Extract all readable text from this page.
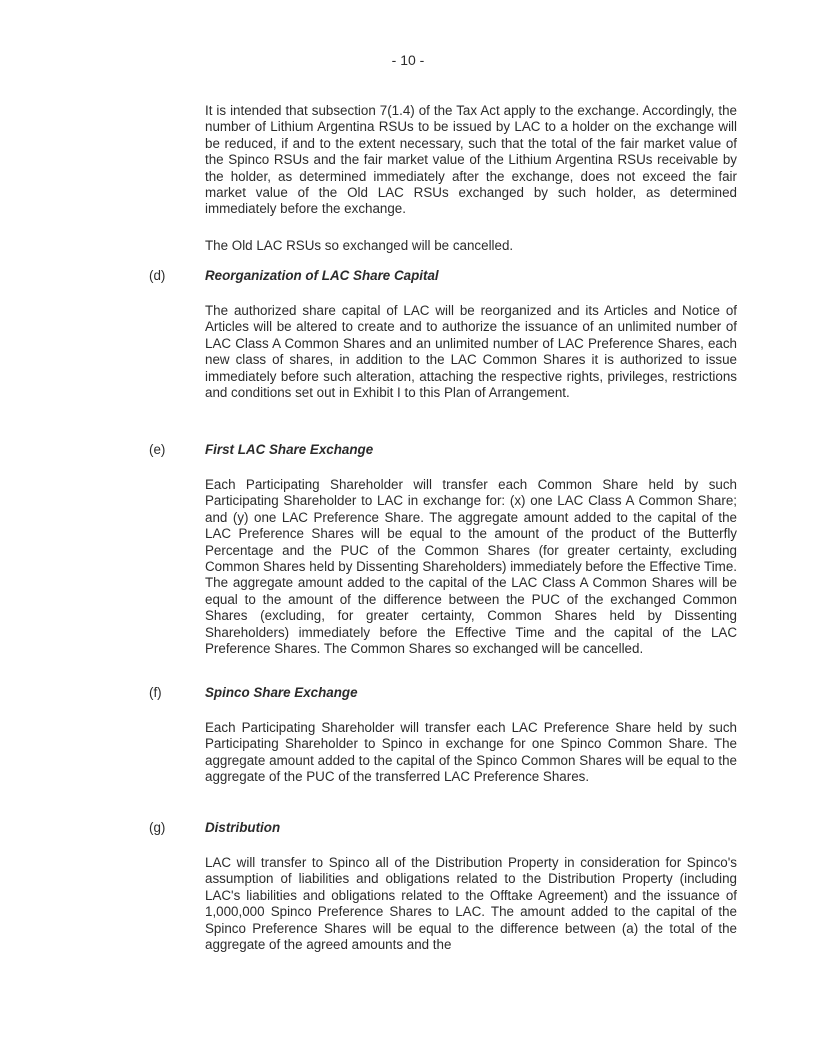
- 10 -

It is intended that subsection 7(1.4) of the Tax Act apply to the exchange. Accordingly, the number of Lithium Argentina RSUs to be issued by LAC to a holder on the exchange will be reduced, if and to the extent necessary, such that the total of the fair market value of the Spinco RSUs and the fair market value of the Lithium Argentina RSUs receivable by the holder, as determined immediately after the exchange, does not exceed the fair market value of the Old LAC RSUs exchanged by such holder, as determined immediately before the exchange.

The Old LAC RSUs so exchanged will be cancelled.

(d)	Reorganization of LAC Share Capital

The authorized share capital of LAC will be reorganized and its Articles and Notice of Articles will be altered to create and to authorize the issuance of an unlimited number of LAC Class A Common Shares and an unlimited number of LAC Preference Shares, each new class of shares, in addition to the LAC Common Shares it is authorized to issue immediately before such alteration, attaching the respective rights, privileges, restrictions and conditions set out in Exhibit I to this Plan of Arrangement.

(e)	First LAC Share Exchange

Each Participating Shareholder will transfer each Common Share held by such Participating Shareholder to LAC in exchange for: (x) one LAC Class A Common Share; and (y) one LAC Preference Share. The aggregate amount added to the capital of the LAC Preference Shares will be equal to the amount of the product of the Butterfly Percentage and the PUC of the Common Shares (for greater certainty, excluding Common Shares held by Dissenting Shareholders) immediately before the Effective Time. The aggregate amount added to the capital of the LAC Class A Common Shares will be equal to the amount of the difference between the PUC of the exchanged Common Shares (excluding, for greater certainty, Common Shares held by Dissenting Shareholders) immediately before the Effective Time and the capital of the LAC Preference Shares. The Common Shares so exchanged will be cancelled.

(f)	Spinco Share Exchange

Each Participating Shareholder will transfer each LAC Preference Share held by such Participating Shareholder to Spinco in exchange for one Spinco Common Share. The aggregate amount added to the capital of the Spinco Common Shares will be equal to the aggregate of the PUC of the transferred LAC Preference Shares.

(g)	Distribution

LAC will transfer to Spinco all of the Distribution Property in consideration for Spinco's assumption of liabilities and obligations related to the Distribution Property (including LAC's liabilities and obligations related to the Offtake Agreement) and the issuance of 1,000,000 Spinco Preference Shares to LAC. The amount added to the capital of the Spinco Preference Shares will be equal to the difference between (a) the total of the aggregate of the agreed amounts and the
